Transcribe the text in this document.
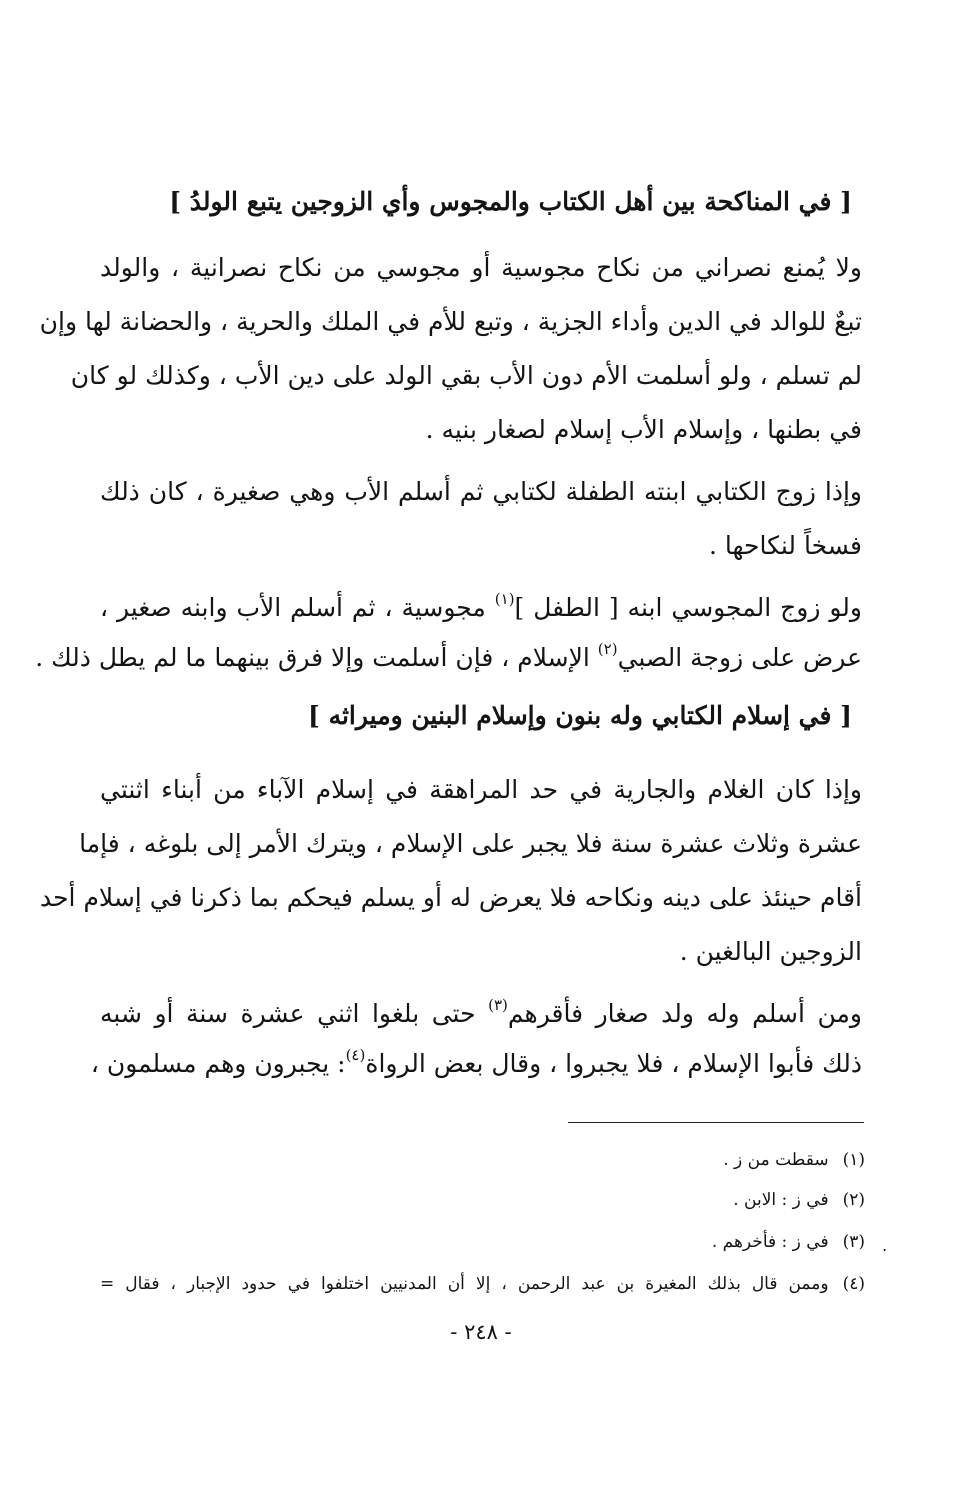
[ في المناكحة بين أهل الكتاب والمجوس وأي الزوجين يتبع الولدُ ]
ولا يُمنع نصراني من نكاح مجوسية أو مجوسي من نكاح نصرانية ، والولد
تبعٌ للوالد في الدين وأداء الجزية ، وتبع للأم في الملك والحرية ، والحضانة لها وإن
لم تسلم ، ولو أسلمت الأم دون الأب بقي الولد على دين الأب ، وكذلك لو كان
في بطنها ، وإسلام الأب إسلام لصغار بنيه .
وإذا زوج الكتابي ابنته الطفلة لكتابي ثم أسلم الأب وهي صغيرة ، كان ذلك
فسخاً لنكاحها .
ولو زوج المجوسي ابنه [ الطفل ]$^{(١)}$ مجوسية ، ثم أسلم الأب وابنه صغير ،
عرض على زوجة الصبي$^{(٢)}$ الإسلام ، فإن أسلمت وإلا فرق بينهما ما لم يطل ذلك .
[ في إسلام الكتابي وله بنون وإسلام البنين وميراثه ]
وإذا كان الغلام والجارية في حد المراهقة في إسلام الآباء من أبناء اثنتي
عشرة وثلاث عشرة سنة فلا يجبر على الإسلام ، ويترك الأمر إلى بلوغه ، فإما
أقام حينئذ على دينه ونكاحه فلا يعرض له أو يسلم فيحكم بما ذكرنا في إسلام أحد
الزوجين البالغين .
ومن أسلم وله ولد صغار فأقرهم$^{(٣)}$ حتى بلغوا اثني عشرة سنة أو شبه
ذلك فأبوا الإسلام ، فلا يجبروا ، وقال بعض الرواة$^{(٤)}$: يجبرون وهم مسلمون ،
(١)سقطت من ز .
(٢)في ز : الابن .
(٣)في ز : فأخرهم .
(٤)وممن قال بذلك المغيرة بن عبد الرحمن ، إلا أن المدنيين اختلفوا في حدود الإجبار ، فقال =
.
- ٢٤٨ -
